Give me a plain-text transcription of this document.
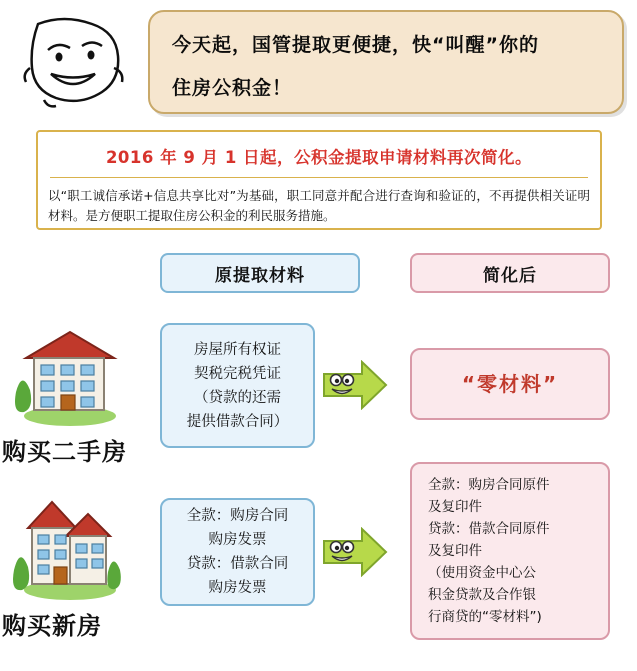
今天起，国管提取更便捷，快“叫醒”你的
住房公积金！
2016 年 9 月 1 日起，公积金提取申请材料再次简化。
以“职工诚信承诺+信息共享比对”为基础，职工同意并配合进行查询和验证的，不再提供相关证明材料。是方便职工提取住房公积金的利民服务措施。
原提取材料	简化后
购买二手房
房屋所有权证
契税完税凭证
（贷款的还需
提供借款合同）
“零材料”
购买新房
全款：购房合同
购房发票
贷款：借款合同
购房发票
全款：购房合同原件
及复印件
贷款：借款合同原件
及复印件
（使用资金中心公
积金贷款及合作银
行商贷的“零材料”)
